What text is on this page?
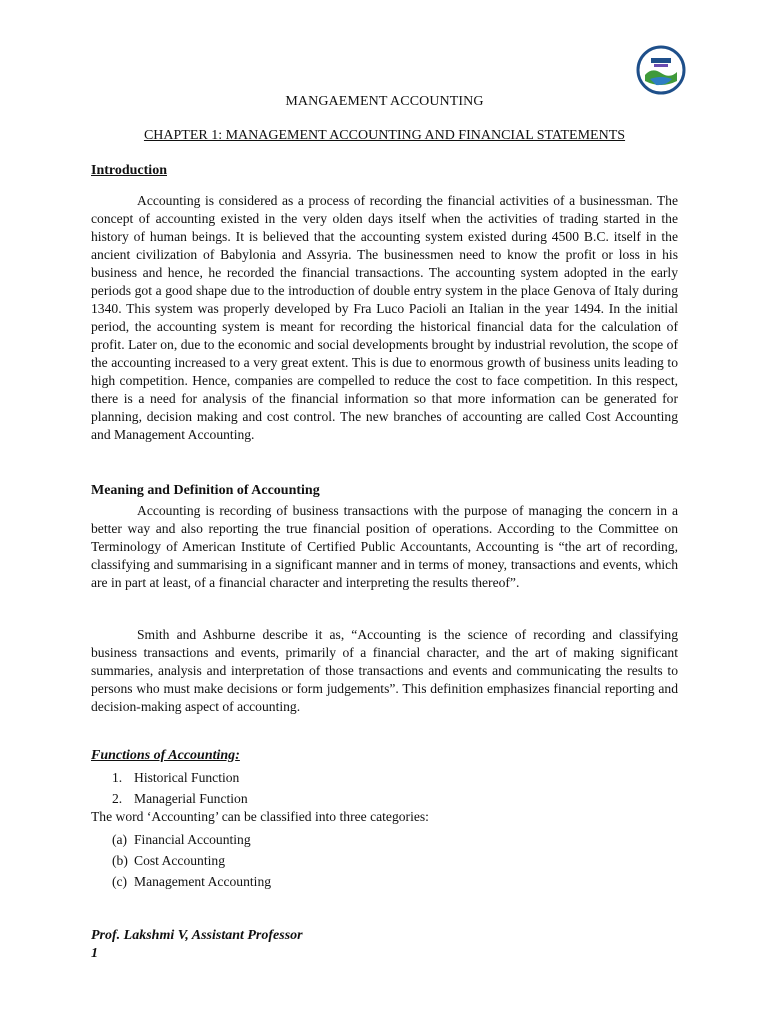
MANGAEMENT ACCOUNTING
CHAPTER 1: MANAGEMENT ACCOUNTING AND FINANCIAL STATEMENTS
Introduction

Accounting is considered as a process of recording the financial activities of a businessman. The concept of accounting existed in the very olden days itself when the activities of trading started in the history of human beings. It is believed that the accounting system existed during 4500 B.C. itself in the ancient civilization of Babylonia and Assyria. The businessmen need to know the profit or loss in his business and hence, he recorded the financial transactions. The accounting system adopted in the early periods got a good shape due to the introduction of double entry system in the place Genova of Italy during 1340. This system was properly developed by Fra Luco Pacioli an Italian in the year 1494. In the initial period, the accounting system is meant for recording the historical financial data for the calculation of profit. Later on, due to the economic and social developments brought by industrial revolution, the scope of the accounting increased to a very great extent. This is due to enormous growth of business units leading to high competition. Hence, companies are compelled to reduce the cost to face competition. In this respect, there is a need for analysis of the financial information so that more information can be generated for planning, decision making and cost control. The new branches of accounting are called Cost Accounting and Management Accounting.

Meaning and Definition of Accounting

Accounting is recording of business transactions with the purpose of managing the concern in a better way and also reporting the true financial position of operations. According to the Committee on Terminology of American Institute of Certified Public Accountants, Accounting is “the art of recording, classifying and summarising in a significant manner and in terms of money, transactions and events, which are in part at least, of a financial character and interpreting the results thereof”.

Smith and Ashburne describe it as, “Accounting is the science of recording and classifying business transactions and events, primarily of a financial character, and the art of making significant summaries, analysis and interpretation of those transactions and events and communicating the results to persons who must make decisions or form judgements”. This definition emphasizes financial reporting and decision-making aspect of accounting.

Functions of Accounting:
1. Historical Function
2. Managerial Function
The word ‘Accounting’ can be classified into three categories:
(a) Financial Accounting
(b) Cost Accounting
(c) Management Accounting
Prof. Lakshmi V, Assistant Professor
1
